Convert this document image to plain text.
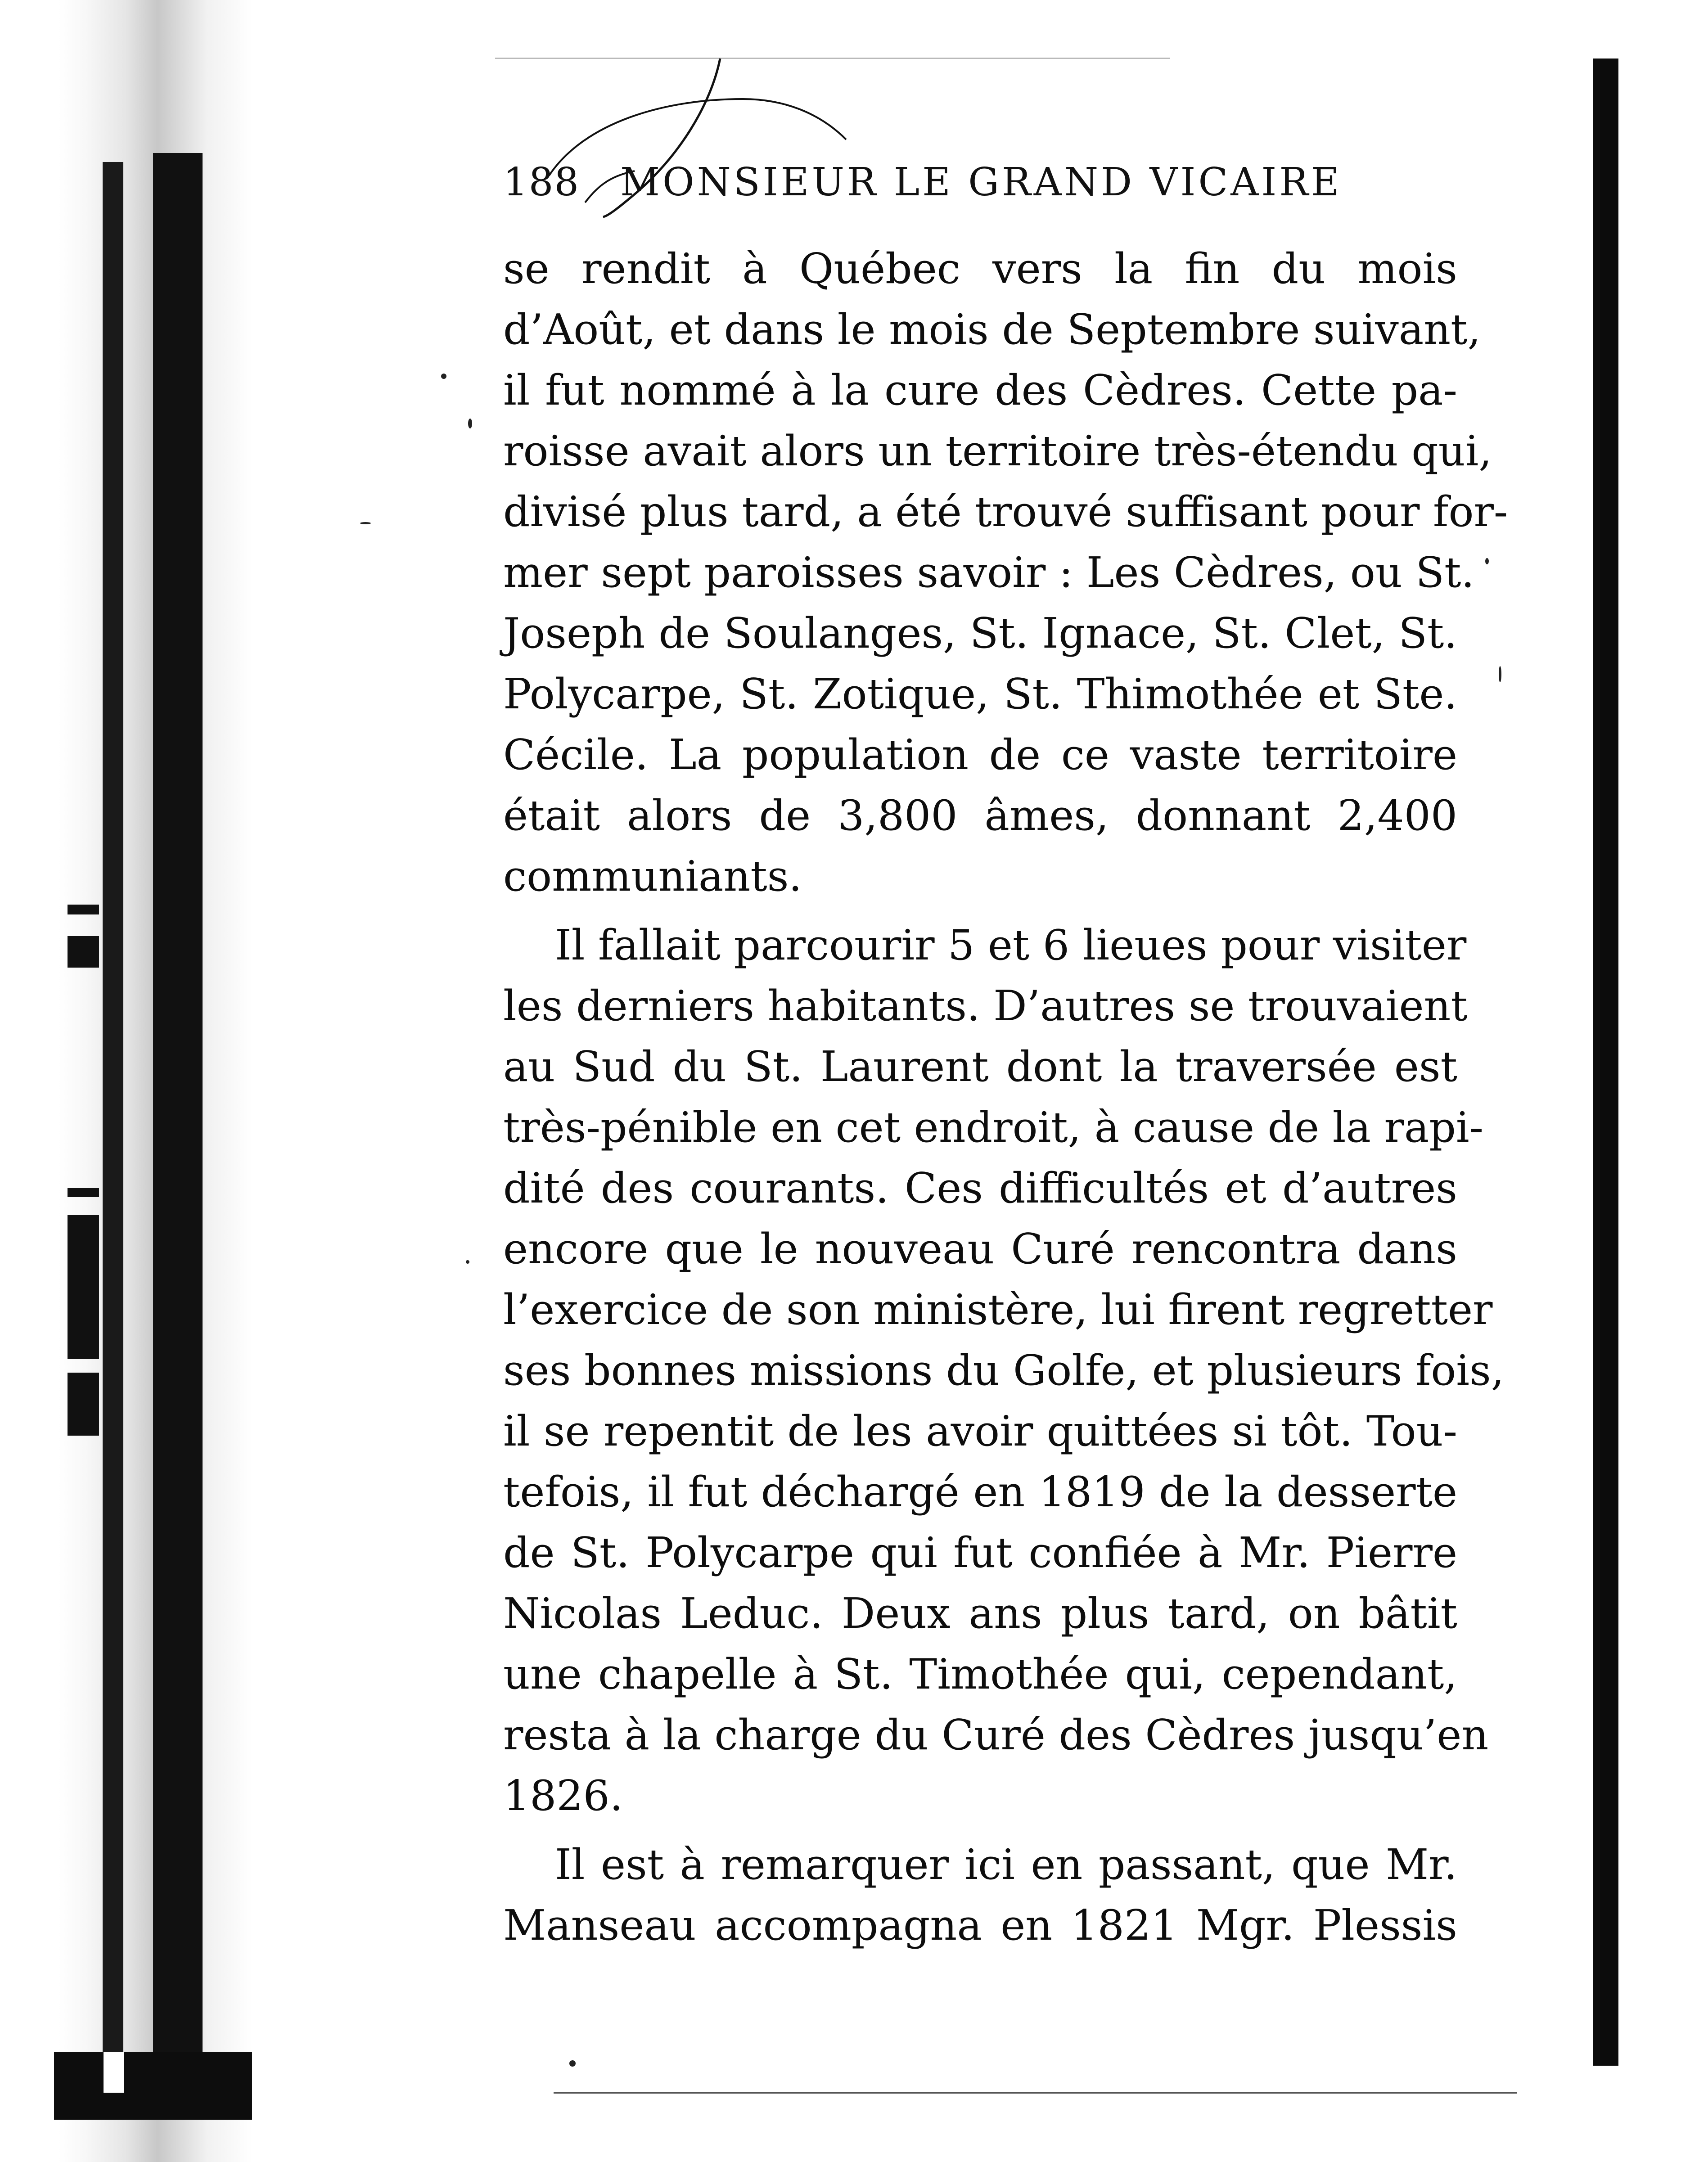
188 MONSIEUR LE GRAND VICAIRE
se rendit à Québec vers la fin du mois
d’Août, et dans le mois de Septembre suivant,
il fut nommé à la cure des Cèdres. Cette pa-
roisse avait alors un territoire très-étendu qui,
divisé plus tard, a été trouvé suffisant pour for-
mer sept paroisses savoir : Les Cèdres, ou St.
Joseph de Soulanges, St. Ignace, St. Clet, St.
Polycarpe, St. Zotique, St. Thimothée et Ste.
Cécile. La population de ce vaste territoire
était alors de 3,800 âmes, donnant 2,400
communiants.
Il fallait parcourir 5 et 6 lieues pour visiter
les derniers habitants. D’autres se trouvaient
au Sud du St. Laurent dont la traversée est
très-pénible en cet endroit, à cause de la rapi-
dité des courants. Ces difficultés et d’autres
encore que le nouveau Curé rencontra dans
l’exercice de son ministère, lui firent regretter
ses bonnes missions du Golfe, et plusieurs fois,
il se repentit de les avoir quittées si tôt. Tou-
tefois, il fut déchargé en 1819 de la desserte
de St. Polycarpe qui fut confiée à Mr. Pierre
Nicolas Leduc. Deux ans plus tard, on bâtit
une chapelle à St. Timothée qui, cependant,
resta à la charge du Curé des Cèdres jusqu’en
1826.
Il est à remarquer ici en passant, que Mr.
Manseau accompagna en 1821 Mgr. Plessis
